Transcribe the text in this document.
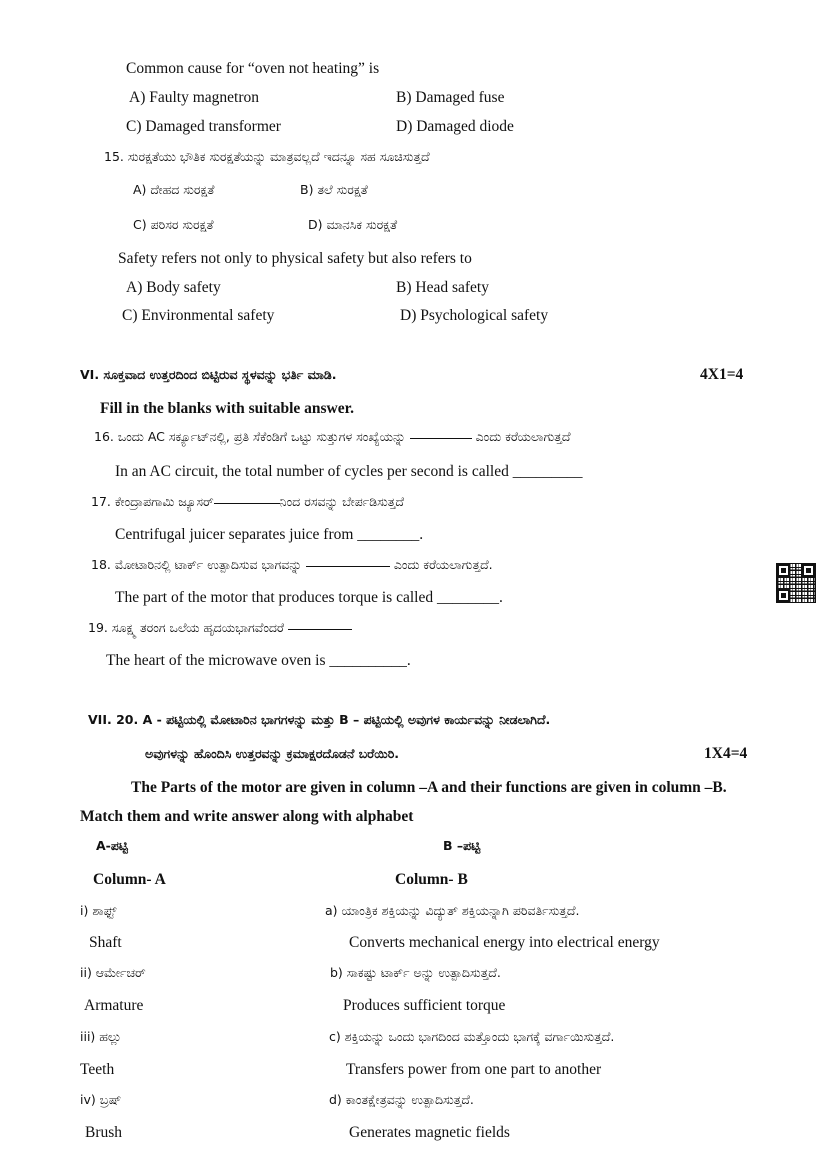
Common cause for “oven not heating” is
A) Faulty magnetron	B) Damaged fuse
C) Damaged transformer	D) Damaged diode
15. ಸುರಕ್ಷತೆಯು ಭೌತಿಕ ಸುರಕ್ಷತೆಯನ್ನು ಮಾತ್ರವಲ್ಲದೆ ಇದನ್ನೂ ಸಹ ಸೂಚಿಸುತ್ತದೆ
A) ದೇಹದ ಸುರಕ್ಷತೆ	B) ತಲೆ ಸುರಕ್ಷತೆ
C) ಪರಿಸರ ಸುರಕ್ಷತೆ	D) ಮಾನಸಿಕ ಸುರಕ್ಷತೆ
Safety refers not only to physical safety but also refers to
A) Body safety	B) Head safety
C) Environmental safety	D) Psychological safety
VI. ಸೂಕ್ತವಾದ ಉತ್ತರದಿಂದ ಬಿಟ್ಟಿರುವ ಸ್ಥಳವನ್ನು ಭರ್ತಿ ಮಾಡಿ.	4X1=4
Fill in the blanks with suitable answer.
16. ಒಂದು AC ಸರ್ಕ್ಯೂಟ್‌ನಲ್ಲಿ, ಪ್ರತಿ ಸೆಕೆಂಡಿಗೆ ಒಟ್ಟು ಸುತ್ತುಗಳ ಸಂಖ್ಯೆಯನ್ನು	ಎಂದು ಕರೆಯಲಾಗುತ್ತದೆ
In an AC circuit, the total number of cycles per second is called _________
17. ಕೇಂದ್ರಾಪಗಾಮಿ ಜ್ಯೂಸರ್	ನಿಂದ ರಸವನ್ನು ಬೇರ್ಪಡಿಸುತ್ತದೆ
Centrifugal juicer separates juice from ________.
18. ಮೋಟಾರಿನಲ್ಲಿ ಟಾರ್ಕ್ ಉತ್ಪಾದಿಸುವ ಭಾಗವನ್ನು	ಎಂದು ಕರೆಯಲಾಗುತ್ತದೆ.
The part of the motor that produces torque is called ________.
19. ಸೂಕ್ಷ್ಮ ತರಂಗ ಒಲೆಯ ಹೃದಯಭಾಗವೆಂದರೆ
The heart of the microwave oven is __________.
VII. 20. A - ಪಟ್ಟಿಯಲ್ಲಿ ಮೋಟಾರಿನ ಭಾಗಗಳನ್ನು ಮತ್ತು B – ಪಟ್ಟಿಯಲ್ಲಿ ಅವುಗಳ ಕಾರ್ಯವನ್ನು ನೀಡಲಾಗಿದೆ.
ಅವುಗಳನ್ನು ಹೊಂದಿಸಿ ಉತ್ತರವನ್ನು ಕ್ರಮಾಕ್ಷರದೊಡನೆ ಬರೆಯಿರಿ.	1X4=4
The Parts of the motor are given in column –A and their functions are given in column –B.
Match them and write answer along with alphabet
A-ಪಟ್ಟಿ	B –ಪಟ್ಟಿ
Column- A	Column- B
i) ಶಾಫ್ಟ್	a) ಯಾಂತ್ರಿಕ ಶಕ್ತಿಯನ್ನು ವಿದ್ಯುತ್ ಶಕ್ತಿಯನ್ನಾಗಿ ಪರಿವರ್ತಿಸುತ್ತದೆ.
Shaft	Converts mechanical energy into electrical energy
ii) ಆರ್ಮೇಚರ್	b) ಸಾಕಷ್ಟು ಟಾರ್ಕ್ ಅನ್ನು ಉತ್ಪಾದಿಸುತ್ತದೆ.
Armature	Produces sufficient torque
iii) ಹಲ್ಲು	c) ಶಕ್ತಿಯನ್ನು ಒಂದು ಭಾಗದಿಂದ ಮತ್ತೊಂದು ಭಾಗಕ್ಕೆ ವರ್ಗಾಯಿಸುತ್ತದೆ.
Teeth	Transfers power from one part to another
iv) ಬ್ರಷ್	d) ಕಾಂತಕ್ಷೇತ್ರವನ್ನು ಉತ್ಪಾದಿಸುತ್ತದೆ.
Brush	Generates magnetic fields
